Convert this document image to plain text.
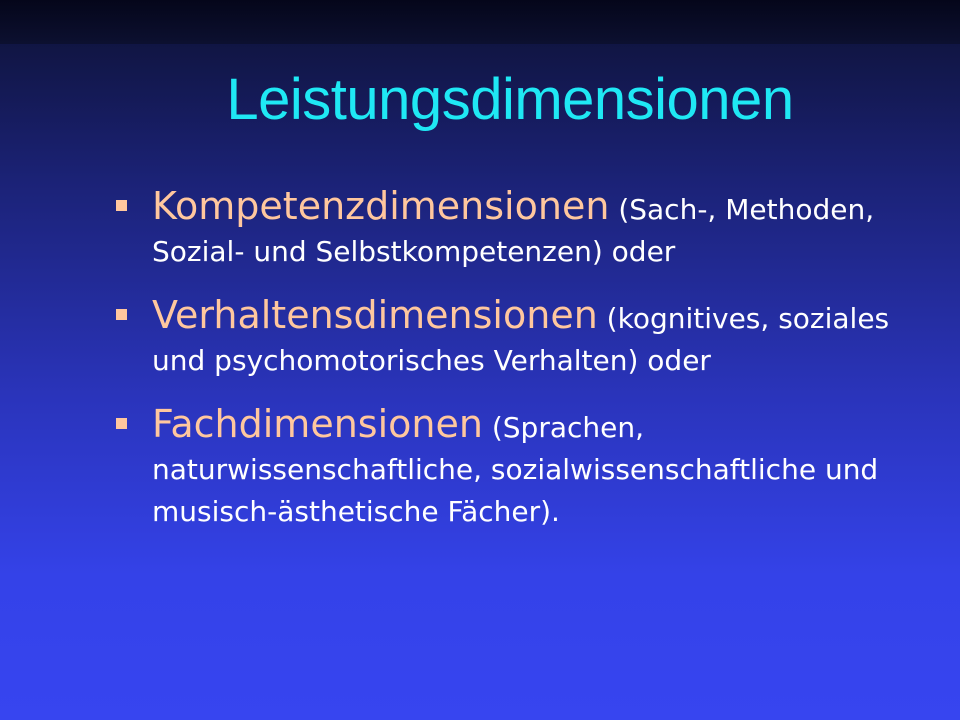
Leistungsdimensionen
Kompetenzdimensionen (Sach-, Methoden, Sozial- und Selbstkompetenzen) oder
Verhaltensdimensionen (kognitives, soziales und psychomotorisches Verhalten) oder
Fachdimensionen (Sprachen, naturwissenschaftliche, sozialwissenschaftliche und musisch-ästhetische Fächer).
